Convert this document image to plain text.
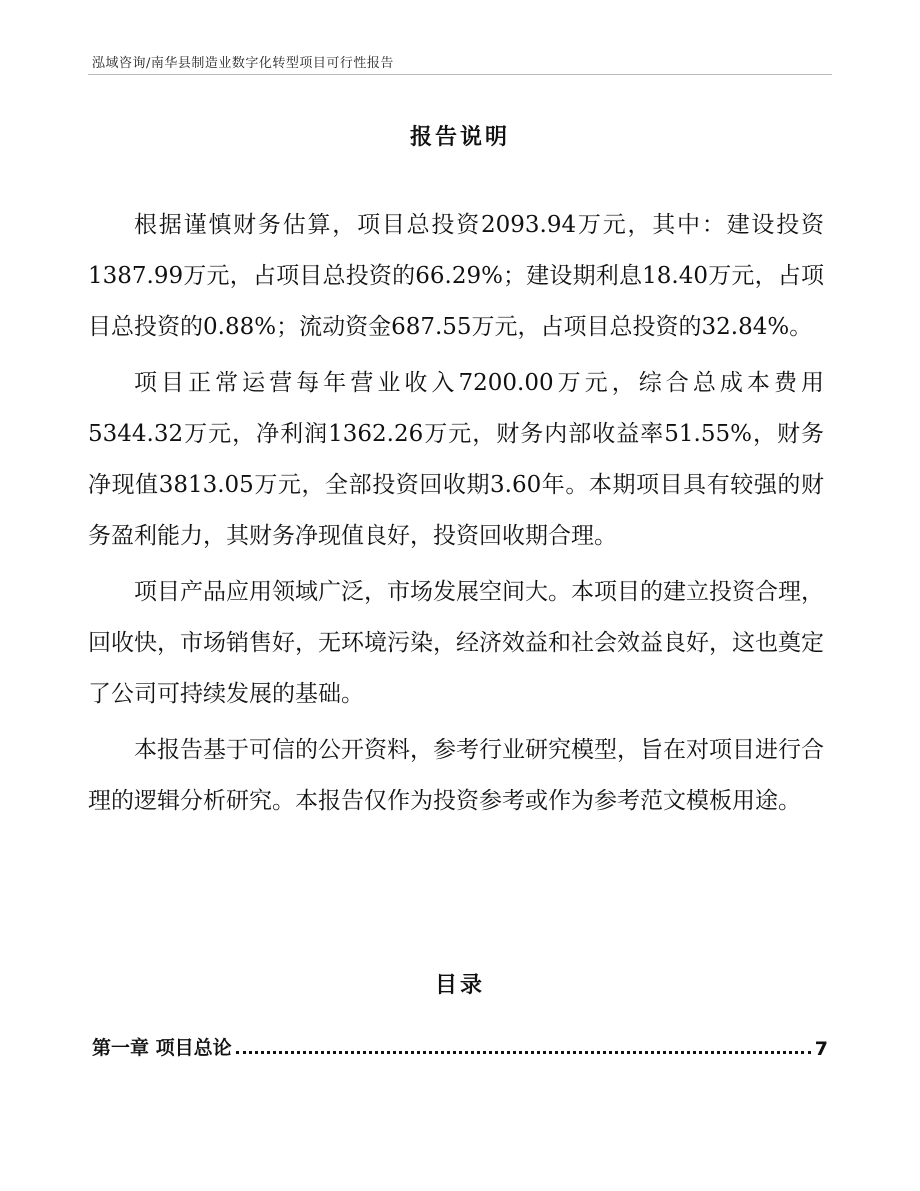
泓域咨询/南华县制造业数字化转型项目可行性报告
报告说明

根据谨慎财务估算，项目总投资2093.94万元，其中：建设投资1387.99万元，占项目总投资的66.29%；建设期利息18.40万元，占项目总投资的0.88%；流动资金687.55万元，占项目总投资的32.84%。

项目正常运营每年营业收入7200.00万元，综合总成本费用5344.32万元，净利润1362.26万元，财务内部收益率51.55%，财务净现值3813.05万元，全部投资回收期3.60年。本期项目具有较强的财务盈利能力，其财务净现值良好，投资回收期合理。

项目产品应用领域广泛，市场发展空间大。本项目的建立投资合理，回收快，市场销售好，无环境污染，经济效益和社会效益良好，这也奠定了公司可持续发展的基础。

本报告基于可信的公开资料，参考行业研究模型，旨在对项目进行合理的逻辑分析研究。本报告仅作为投资参考或作为参考范文模板用途。

目录
第一章 项目总论	7
